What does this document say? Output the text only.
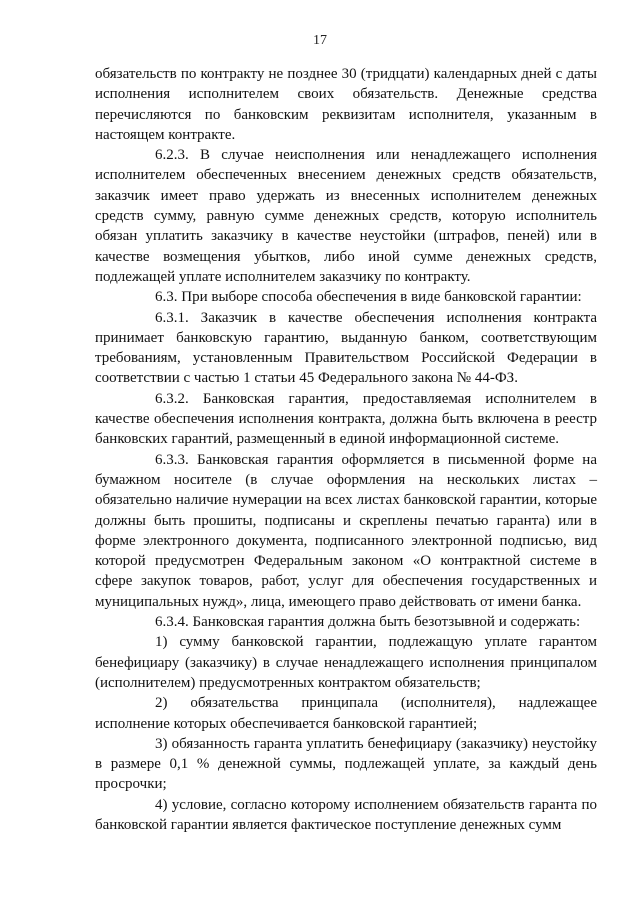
17

обязательств по контракту не позднее 30 (тридцати) календарных дней с даты исполнения исполнителем своих обязательств. Денежные средства перечисляются по банковским реквизитам исполнителя, указанным в настоящем контракте.

6.2.3. В случае неисполнения или ненадлежащего исполнения исполнителем обеспеченных внесением денежных средств обязательств, заказчик имеет право удержать из внесенных исполнителем денежных средств сумму, равную сумме денежных средств, которую исполнитель обязан уплатить заказчику в качестве неустойки (штрафов, пеней) или в качестве возмещения убытков, либо иной сумме денежных средств, подлежащей уплате исполнителем заказчику по контракту.

6.3. При выборе способа обеспечения в виде банковской гарантии:

6.3.1. Заказчик в качестве обеспечения исполнения контракта принимает банковскую гарантию, выданную банком, соответствующим требованиям, установленным Правительством Российской Федерации в соответствии с частью 1 статьи 45 Федерального закона № 44-ФЗ.

6.3.2. Банковская гарантия, предоставляемая исполнителем в качестве обеспечения исполнения контракта, должна быть включена в реестр банковских гарантий, размещенный в единой информационной системе.

6.3.3. Банковская гарантия оформляется в письменной форме на бумажном носителе (в случае оформления на нескольких листах – обязательно наличие нумерации на всех листах банковской гарантии, которые должны быть прошиты, подписаны и скреплены печатью гаранта) или в форме электронного документа, подписанного электронной подписью, вид которой предусмотрен Федеральным законом «О контрактной системе в сфере закупок товаров, работ, услуг для обеспечения государственных и муниципальных нужд», лица, имеющего право действовать от имени банка.

6.3.4. Банковская гарантия должна быть безотзывной и содержать:

1) сумму банковской гарантии, подлежащую уплате гарантом бенефициару (заказчику) в случае ненадлежащего исполнения принципалом (исполнителем) предусмотренных контрактом обязательств;

2) обязательства принципала (исполнителя), надлежащее исполнение которых обеспечивается банковской гарантией;

3) обязанность гаранта уплатить бенефициару (заказчику) неустойку в размере 0,1 % денежной суммы, подлежащей уплате, за каждый день просрочки;

4) условие, согласно которому исполнением обязательств гаранта по банковской гарантии является фактическое поступление денежных сумм
